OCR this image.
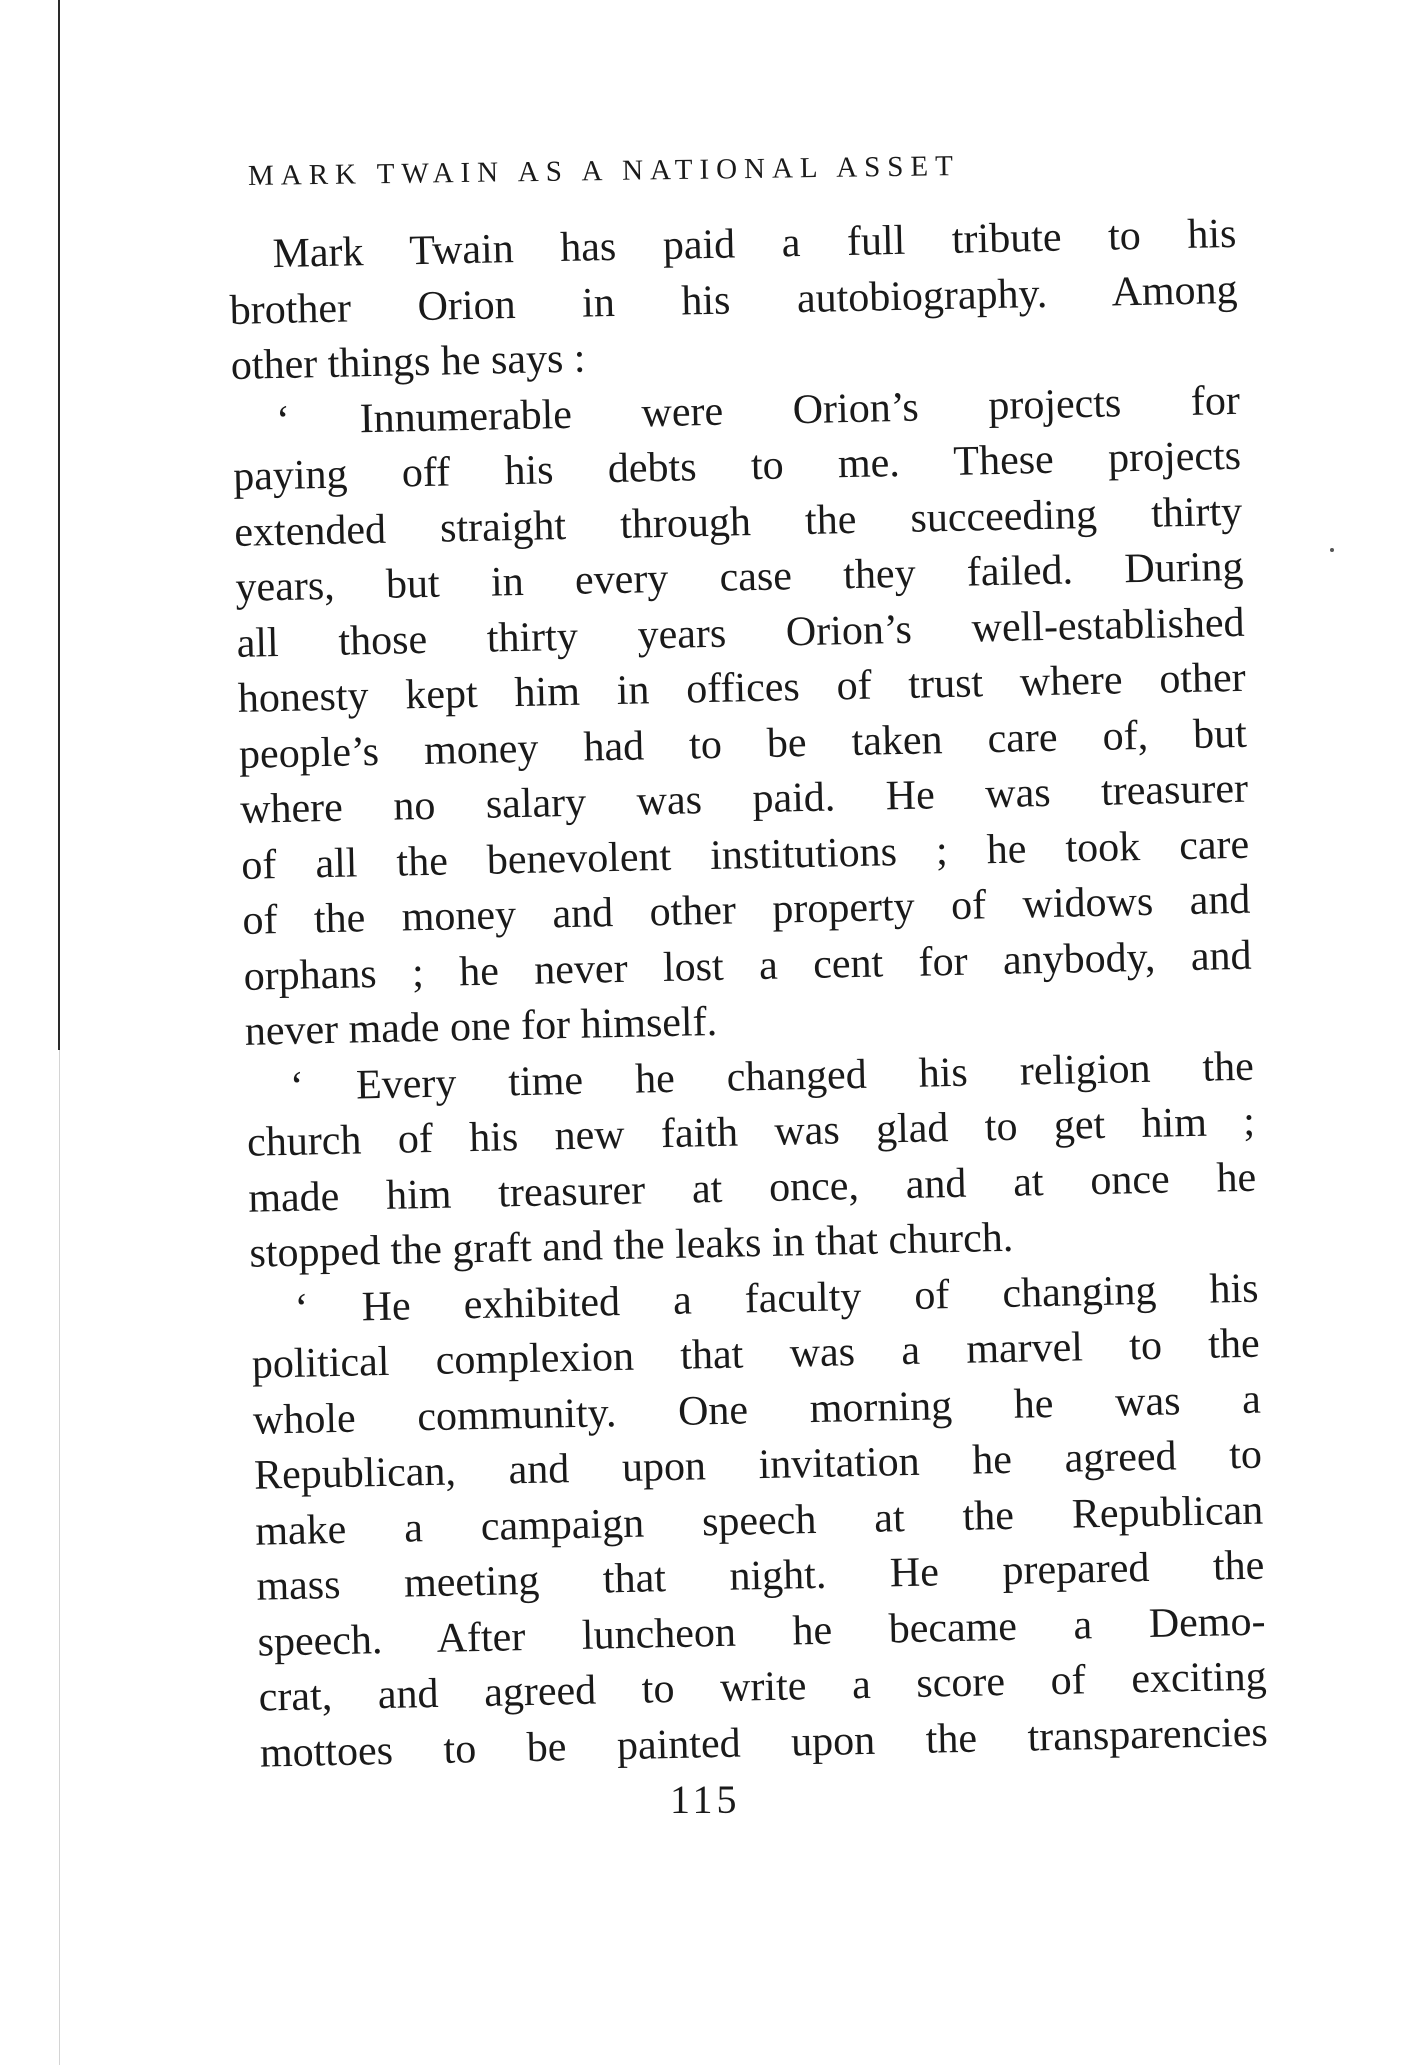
MARK TWAIN AS A NATIONAL ASSET
Mark Twain has paid a full tribute to his
brother Orion in his autobiography. Among
other things he says :
‘ Innumerable were Orion’s projects for
paying off his debts to me. These projects
extended straight through the succeeding thirty
years, but in every case they failed. During
all those thirty years Orion’s well-established
honesty kept him in offices of trust where other
people’s money had to be taken care of, but
where no salary was paid. He was treasurer
of all the benevolent institutions ; he took care
of the money and other property of widows and
orphans ; he never lost a cent for anybody, and
never made one for himself.
‘ Every time he changed his religion the
church of his new faith was glad to get him ;
made him treasurer at once, and at once he
stopped the graft and the leaks in that church.
‘ He exhibited a faculty of changing his
political complexion that was a marvel to the
whole community. One morning he was a
Republican, and upon invitation he agreed to
make a campaign speech at the Republican
mass meeting that night. He prepared the
speech. After luncheon he became a Demo-
crat, and agreed to write a score of exciting
mottoes to be painted upon the transparencies
115
